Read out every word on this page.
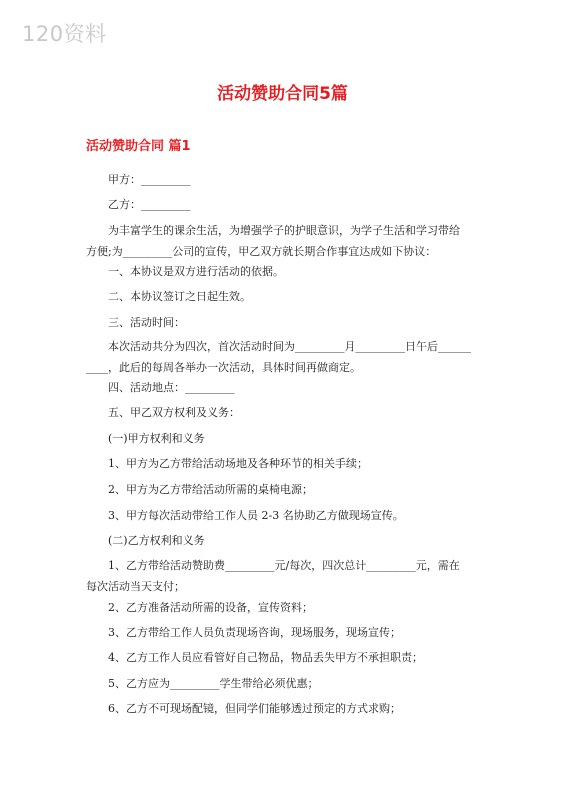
120资料
活动赞助合同5篇
活动赞助合同 篇1
甲方：_________
乙方：_________
为丰富学生的课余生活，为增强学子的护眼意识，为学子生活和学习带给
方便;为_________公司的宣传，甲乙双方就长期合作事宜达成如下协议：
一、本协议是双方进行活动的依据。
二、本协议签订之日起生效。
三、活动时间：
本次活动共分为四次，首次活动时间为_________月_________日午后______
____，此后的每周各举办一次活动，具体时间再做商定。
四、活动地点：_________
五、甲乙双方权利及义务：
(一)甲方权利和义务
1、甲方为乙方带给活动场地及各种环节的相关手续；
2、甲方为乙方带给活动所需的桌椅电源；
3、甲方每次活动带给工作人员 2-3 名协助乙方做现场宣传。
(二)乙方权利和义务
1、乙方带给活动赞助费_________元/每次，四次总计_________元，需在
每次活动当天支付；
2、乙方准备活动所需的设备，宣传资料；
3、乙方带给工作人员负责现场咨询，现场服务，现场宣传；
4、乙方工作人员应看管好自己物品，物品丢失甲方不承担职责；
5、乙方应为_________学生带给必须优惠；
6、乙方不可现场配镜，但同学们能够透过预定的方式求购；
